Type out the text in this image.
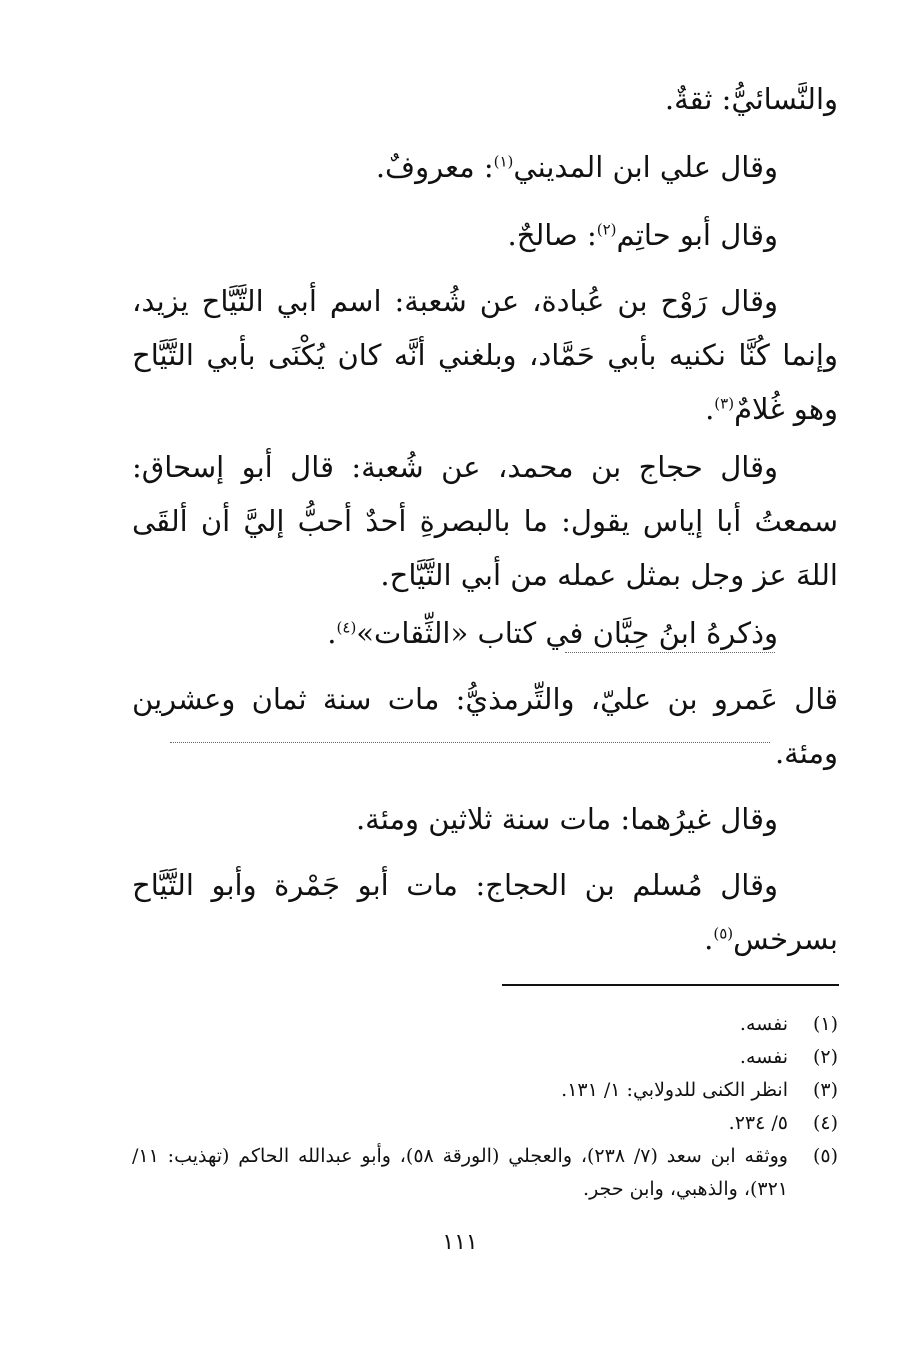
والنَّسائيُّ: ثقةٌ.

وقال علي ابن المديني$^{(١)}$: معروفٌ.

وقال أبو حاتِم$^{(٢)}$: صالحٌ.

وقال رَوْح بن عُبادة، عن شُعبة: اسم أبي التَّيَّاح يزيد، وإنما كُنَّا نكنيه بأبي حَمَّاد، وبلغني أنَّه كان يُكْنَى بأبي التَّيَّاح وهو غُلامٌ$^{(٣)}$.

وقال حجاج بن محمد، عن شُعبة: قال أبو إسحاق: سمعتُ أبا إياس يقول: ما بالبصرةِ أحدٌ أحبُّ إليَّ أن ألقَى اللهَ عز وجل بمثل عمله من أبي التَّيَّاح.

وذكرهُ ابنُ حِبَّان في كتاب «الثِّقات»$^{(٤)}$.

قال عَمرو بن عليّ، والتِّرمذيُّ: مات سنة ثمان وعشرين ومئة.

وقال غيرُهما: مات سنة ثلاثين ومئة.

وقال مُسلم بن الحجاج: مات أبو جَمْرة وأبو التَّيَّاح بسرخس$^{(٥)}$.

(١)
نفسه.
(٢)
نفسه.
(٣)
انظر الكنى للدولابي: ١/ ١٣١.
(٤)
٥/ ٢٣٤.
(٥)
ووثقه ابن سعد (٧/ ٢٣٨)، والعجلي (الورقة ٥٨)، وأبو عبدالله الحاكم (تهذيب: ١١/ ٣٢١)، والذهبي، وابن حجر.
١١١
